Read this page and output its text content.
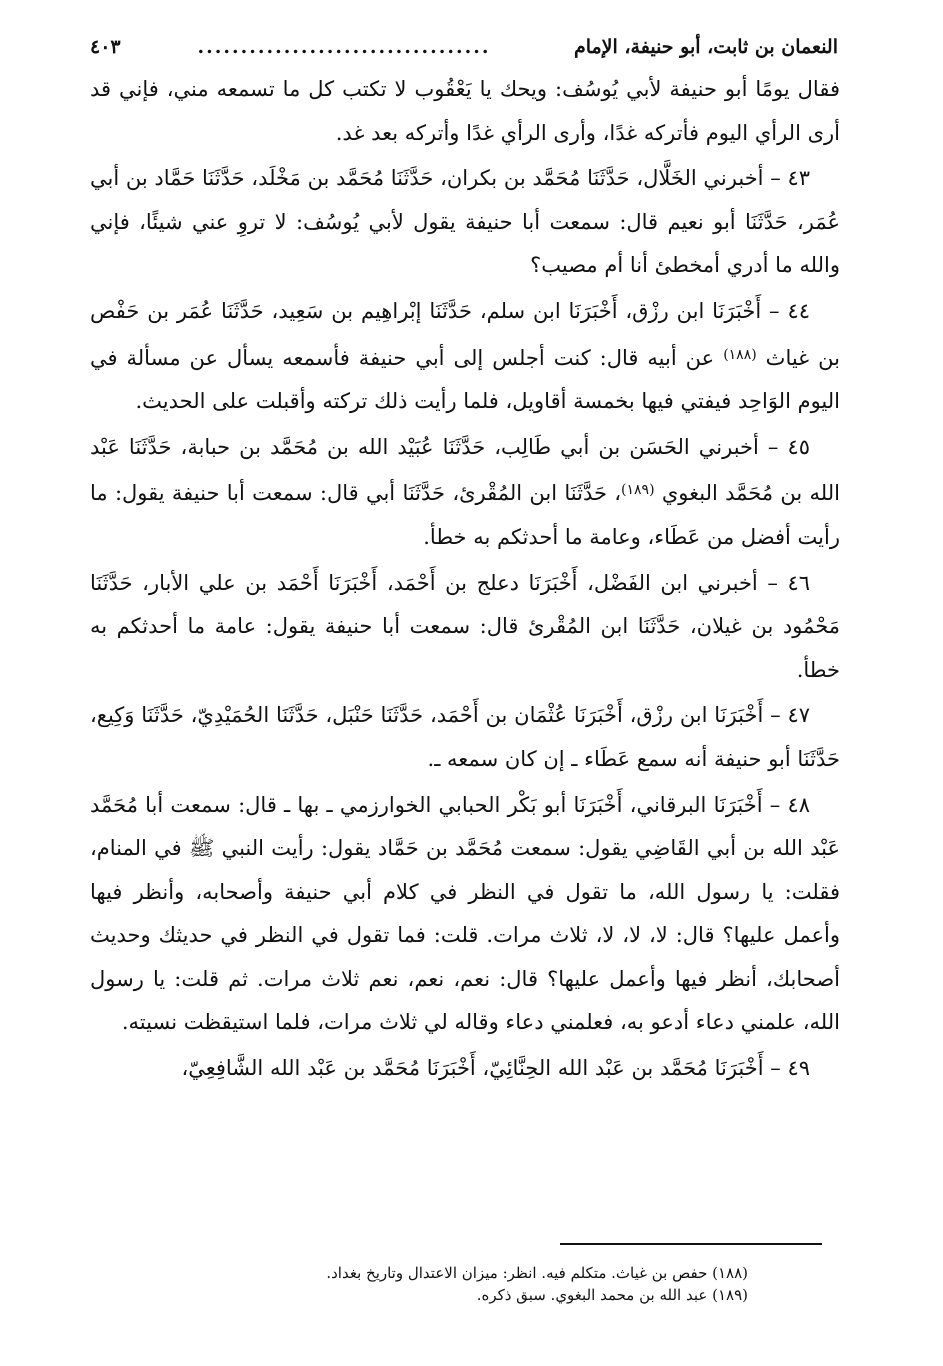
النعمان بن ثابت، أبو حنيفة، الإمام
..................................
٤٠٣

فقال يومًا أبو حنيفة لأبي يُوسُف: ويحك يا يَعْقُوب لا تكتب كل ما تسمعه مني، فإني قد أرى الرأي اليوم فأتركه غدًا، وأرى الرأي غدًا وأتركه بعد غد.

٤٣ – أخبرني الخَلَّال، حَدَّثَنَا مُحَمَّد بن بكران، حَدَّثَنَا مُحَمَّد بن مَخْلَد، حَدَّثَنَا حَمَّاد بن أبي عُمَر، حَدَّثَنَا أبو نعيم قال: سمعت أبا حنيفة يقول لأبي يُوسُف: لا تروِ عني شيئًا، فإني والله ما أدري أمخطئ أنا أم مصيب؟

٤٤ – أَخْبَرَنَا ابن رزْق، أَخْبَرَنَا ابن سلم، حَدَّثَنَا إبْراهِيم بن سَعِيد، حَدَّثَنَا عُمَر بن حَفْص بن غياث $^{(١٨٨)}$ عن أبيه قال: كنت أجلس إلى أبي حنيفة فأسمعه يسأل عن مسألة في اليوم الوَاحِد فيفتي فيها بخمسة أقاويل، فلما رأيت ذلك تركته وأقبلت على الحديث.

٤٥ – أخبرني الحَسَن بن أبي طَالِب، حَدَّثَنَا عُبَيْد الله بن مُحَمَّد بن حبابة، حَدَّثَنَا عَبْد الله بن مُحَمَّد البغوي $^{(١٨٩)}$، حَدَّثَنَا ابن المُقْرئ، حَدَّثَنَا أبي قال: سمعت أبا حنيفة يقول: ما رأيت أفضل من عَطَاء، وعامة ما أحدثكم به خطأ.

٤٦ – أخبرني ابن الفَضْل، أَخْبَرَنَا دعلج بن أَحْمَد، أَخْبَرَنَا أَحْمَد بن علي الأبار، حَدَّثَنَا مَحْمُود بن غيلان، حَدَّثَنَا ابن المُقْرئ قال: سمعت أبا حنيفة يقول: عامة ما أحدثكم به خطأ.

٤٧ – أَخْبَرَنَا ابن رزْق، أَخْبَرَنَا عُثْمَان بن أَحْمَد، حَدَّثَنَا حَنْبَل، حَدَّثَنَا الحُمَيْدِيّ، حَدَّثَنَا وَكِيع، حَدَّثَنَا أبو حنيفة أنه سمع عَطَاء ـ إن كان سمعه ـ.

٤٨ – أَخْبَرَنَا البرقاني، أَخْبَرَنَا أبو بَكْر الحبابي الخوارزمي ـ بها ـ قال: سمعت أبا مُحَمَّد عَبْد الله بن أبي القَاضِي يقول: سمعت مُحَمَّد بن حَمَّاد يقول: رأيت النبي ﷺ في المنام، فقلت: يا رسول الله، ما تقول في النظر في كلام أبي حنيفة وأصحابه، وأنظر فيها وأعمل عليها؟ قال: لا، لا، لا، ثلاث مرات. قلت: فما تقول في النظر في حديثك وحديث أصحابك، أنظر فيها وأعمل عليها؟ قال: نعم، نعم، نعم ثلاث مرات. ثم قلت: يا رسول الله، علمني دعاء أدعو به، فعلمني دعاء وقاله لي ثلاث مرات، فلما استيقظت نسيته.

٤٩ – أَخْبَرَنَا مُحَمَّد بن عَبْد الله الحِنَّائِيّ، أَخْبَرَنَا مُحَمَّد بن عَبْد الله الشَّافِعِيّ،

(١٨٨) حفص بن غياث. متكلم فيه. انظر: ميزان الاعتدال وتاريخ بغداد.

(١٨٩) عبد الله بن محمد البغوي. سبق ذكره.
